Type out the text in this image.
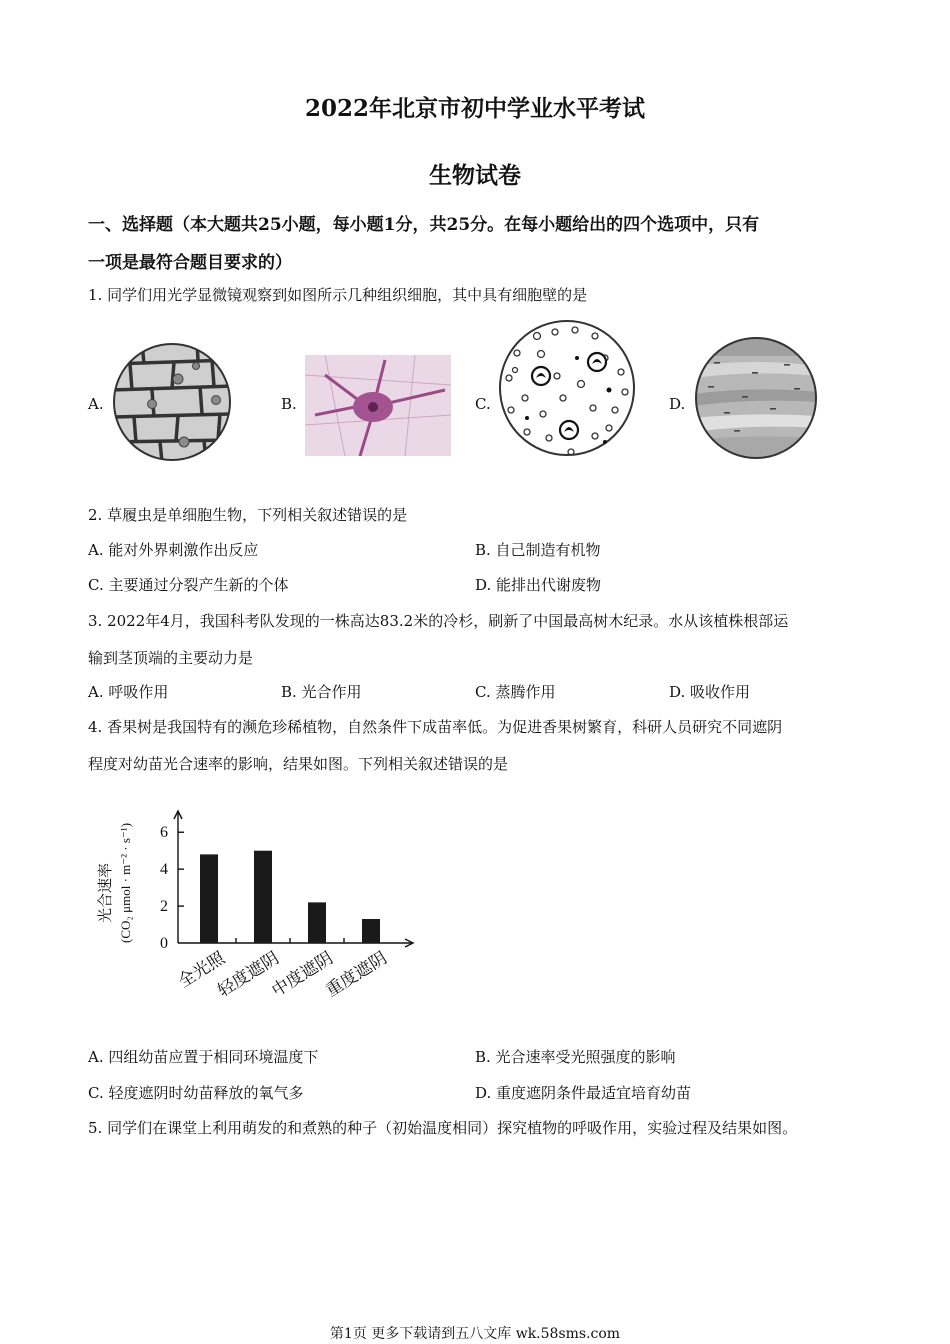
2022年北京市初中学业水平考试
生物试卷
一、选择题（本大题共25小题，每小题1分，共25分。在每小题给出的四个选项中，只有
一项是最符合题目要求的）
1. 同学们用光学显微镜观察到如图所示几种组织细胞，其中具有细胞壁的是
A.	B.	C.	D.
2. 草履虫是单细胞生物，下列相关叙述错误的是
A. 能对外界刺激作出反应	B. 自己制造有机物
C. 主要通过分裂产生新的个体	D. 能排出代谢废物
3. 2022年4月，我国科考队发现的一株高达83.2米的冷杉，刷新了中国最高树木纪录。水从该植株根部运
输到茎顶端的主要动力是
A. 呼吸作用	B. 光合作用	C. 蒸腾作用	D. 吸收作用
4. 香果树是我国特有的濒危珍稀植物，自然条件下成苗率低。为促进香果树繁育，科研人员研究不同遮阴
程度对幼苗光合速率的影响，结果如图。下列相关叙述错误的是
光合速率 (CO₂ μmol · m⁻² · s⁻¹)
0
2
4
6
全光照
轻度遮阴
中度遮阴
重度遮阴
A. 四组幼苗应置于相同环境温度下	B. 光合速率受光照强度的影响
C. 轻度遮阴时幼苗释放的氧气多	D. 重度遮阴条件最适宜培育幼苗
5. 同学们在课堂上利用萌发的和煮熟的种子（初始温度相同）探究植物的呼吸作用，实验过程及结果如图。
第1页 更多下载请到五八文库 wk.58sms.com
